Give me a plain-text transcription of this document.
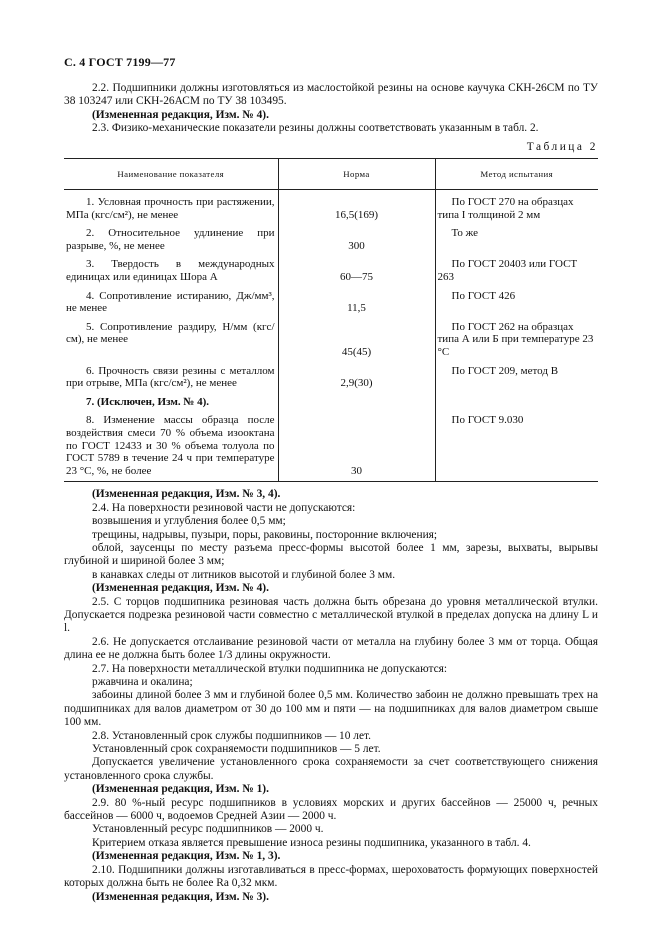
С. 4 ГОСТ 7199—77

2.2. Подшипники должны изготовляться из маслостойкой резины на основе каучука СКН-26СМ по ТУ 38 103247 или СКН-26АСМ по ТУ 38 103495.

(Измененная редакция, Изм. № 4).

2.3. Физико-механические показатели резины должны соответствовать указанным в табл. 2.

Таблица 2

Наименование показателя	Норма	Метод испытания
1. Условная прочность при растяжении, МПа (кгс/см²), не менее	16,5(169)	По ГОСТ 270 на образцах типа I толщиной 2 мм
2. Относительное удлинение при разрыве, %, не менее	300	То же
3. Твердость в международных единицах или единицах Шора А	60—75	По ГОСТ 20403 или ГОСТ 263
4. Сопротивление истиранию, Дж/мм³, не менее	11,5	По ГОСТ 426
5. Сопротивление раздиру, Н/мм (кгс/см), не менее	45(45)	По ГОСТ 262 на образцах типа А или Б при температуре 23 °С
6. Прочность связи резины с металлом при отрыве, МПа (кгс/см²), не менее	2,9(30)	По ГОСТ 209, метод В
7. (Исключен, Изм. № 4).		
8. Изменение массы образца после воздействия смеси 70 % объема изооктана по ГОСТ 12433 и 30 % объема толуола по ГОСТ 5789 в течение 24 ч при температуре 23 °С, %, не более	30	По ГОСТ 9.030

(Измененная редакция, Изм. № 3, 4).

2.4. На поверхности резиновой части не допускаются:

возвышения и углубления более 0,5 мм;

трещины, надрывы, пузыри, поры, раковины, посторонние включения;

облой, заусенцы по месту разъема пресс-формы высотой более 1 мм, зарезы, выхваты, вырывы глубиной и шириной более 3 мм;

в канавках следы от литников высотой и глубиной более 3 мм.

(Измененная редакция, Изм. № 4).

2.5. С торцов подшипника резиновая часть должна быть обрезана до уровня металлической втулки. Допускается подрезка резиновой части совместно с металлической втулкой в пределах допуска на длину L и l.

2.6. Не допускается отслаивание резиновой части от металла на глубину более 3 мм от торца. Общая длина ее не должна быть более 1/3 длины окружности.

2.7. На поверхности металлической втулки подшипника не допускаются:

ржавчина и окалина;

забоины длиной более 3 мм и глубиной более 0,5 мм. Количество забоин не должно превышать трех на подшипниках для валов диаметром от 30 до 100 мм и пяти — на подшипниках для валов диаметром свыше 100 мм.

2.8. Установленный срок службы подшипников — 10 лет.

Установленный срок сохраняемости подшипников — 5 лет.

Допускается увеличение установленного срока сохраняемости за счет соответствующего снижения установленного срока службы.

(Измененная редакция, Изм. № 1).

2.9. 80 %-ный ресурс подшипников в условиях морских и других бассейнов — 25000 ч, речных бассейнов — 6000 ч, водоемов Средней Азии — 2000 ч.

Установленный ресурс подшипников — 2000 ч.

Критерием отказа является превышение износа резины подшипника, указанного в табл. 4.

(Измененная редакция, Изм. № 1, 3).

2.10. Подшипники должны изготавливаться в пресс-формах, шероховатость формующих поверхностей которых должна быть не более Ra 0,32 мкм.

(Измененная редакция, Изм. № 3).
